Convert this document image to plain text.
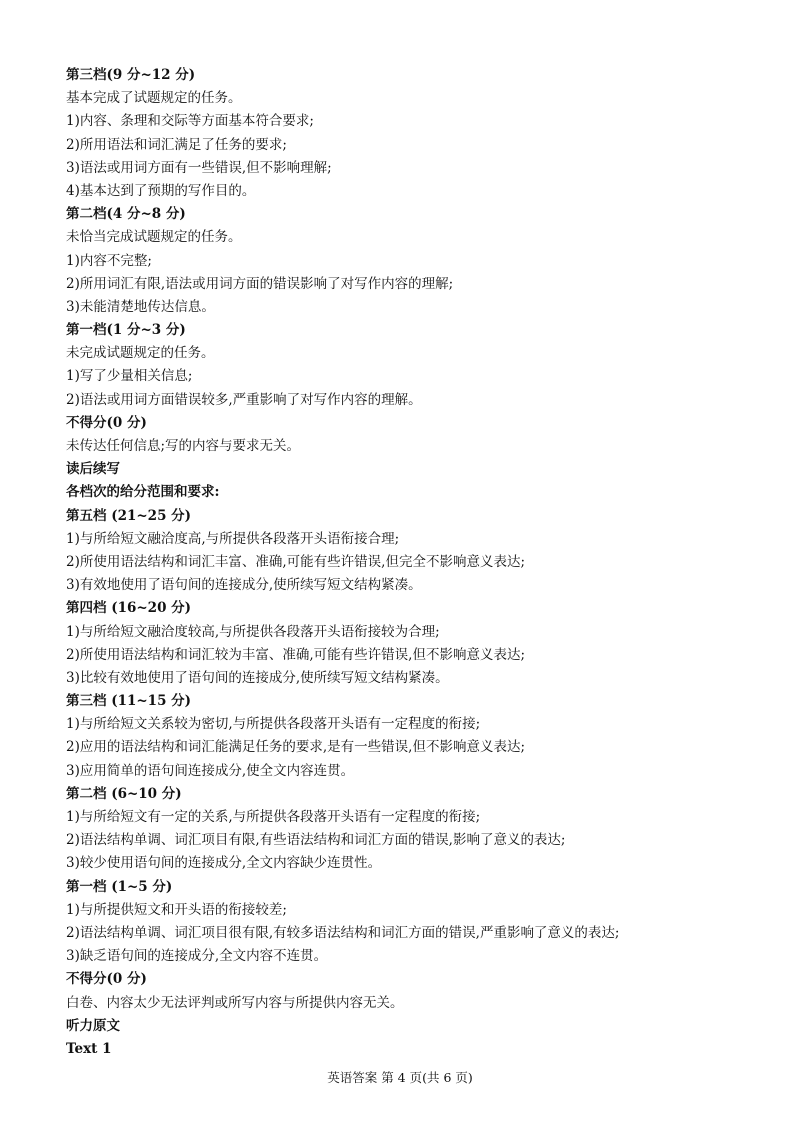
第三档(9 分~12 分)
基本完成了试题规定的任务。
1)内容、条理和交际等方面基本符合要求;
2)所用语法和词汇满足了任务的要求;
3)语法或用词方面有一些错误,但不影响理解;
4)基本达到了预期的写作目的。
第二档(4 分~8 分)
未恰当完成试题规定的任务。
1)内容不完整;
2)所用词汇有限,语法或用词方面的错误影响了对写作内容的理解;
3)未能清楚地传达信息。
第一档(1 分~3 分)
未完成试题规定的任务。
1)写了少量相关信息;
2)语法或用词方面错误较多,严重影响了对写作内容的理解。
不得分(0 分)
未传达任何信息;写的内容与要求无关。
读后续写
各档次的给分范围和要求:
第五档 (21~25 分)
1)与所给短文融洽度高,与所提供各段落开头语衔接合理;
2)所使用语法结构和词汇丰富、准确,可能有些许错误,但完全不影响意义表达;
3)有效地使用了语句间的连接成分,使所续写短文结构紧凑。
第四档 (16~20 分)
1)与所给短文融洽度较高,与所提供各段落开头语衔接较为合理;
2)所使用语法结构和词汇较为丰富、准确,可能有些许错误,但不影响意义表达;
3)比较有效地使用了语句间的连接成分,使所续写短文结构紧凑。
第三档 (11~15 分)
1)与所给短文关系较为密切,与所提供各段落开头语有一定程度的衔接;
2)应用的语法结构和词汇能满足任务的要求,是有一些错误,但不影响意义表达;
3)应用简单的语句间连接成分,使全文内容连贯。
第二档 (6~10 分)
1)与所给短文有一定的关系,与所提供各段落开头语有一定程度的衔接;
2)语法结构单调、词汇项目有限,有些语法结构和词汇方面的错误,影响了意义的表达;
3)较少使用语句间的连接成分,全文内容缺少连贯性。
第一档 (1~5 分)
1)与所提供短文和开头语的衔接较差;
2)语法结构单调、词汇项目很有限,有较多语法结构和词汇方面的错误,严重影响了意义的表达;
3)缺乏语句间的连接成分,全文内容不连贯。
不得分(0 分)
白卷、内容太少无法评判或所写内容与所提供内容无关。
听力原文
Text 1
英语答案 第 4 页(共 6 页)
